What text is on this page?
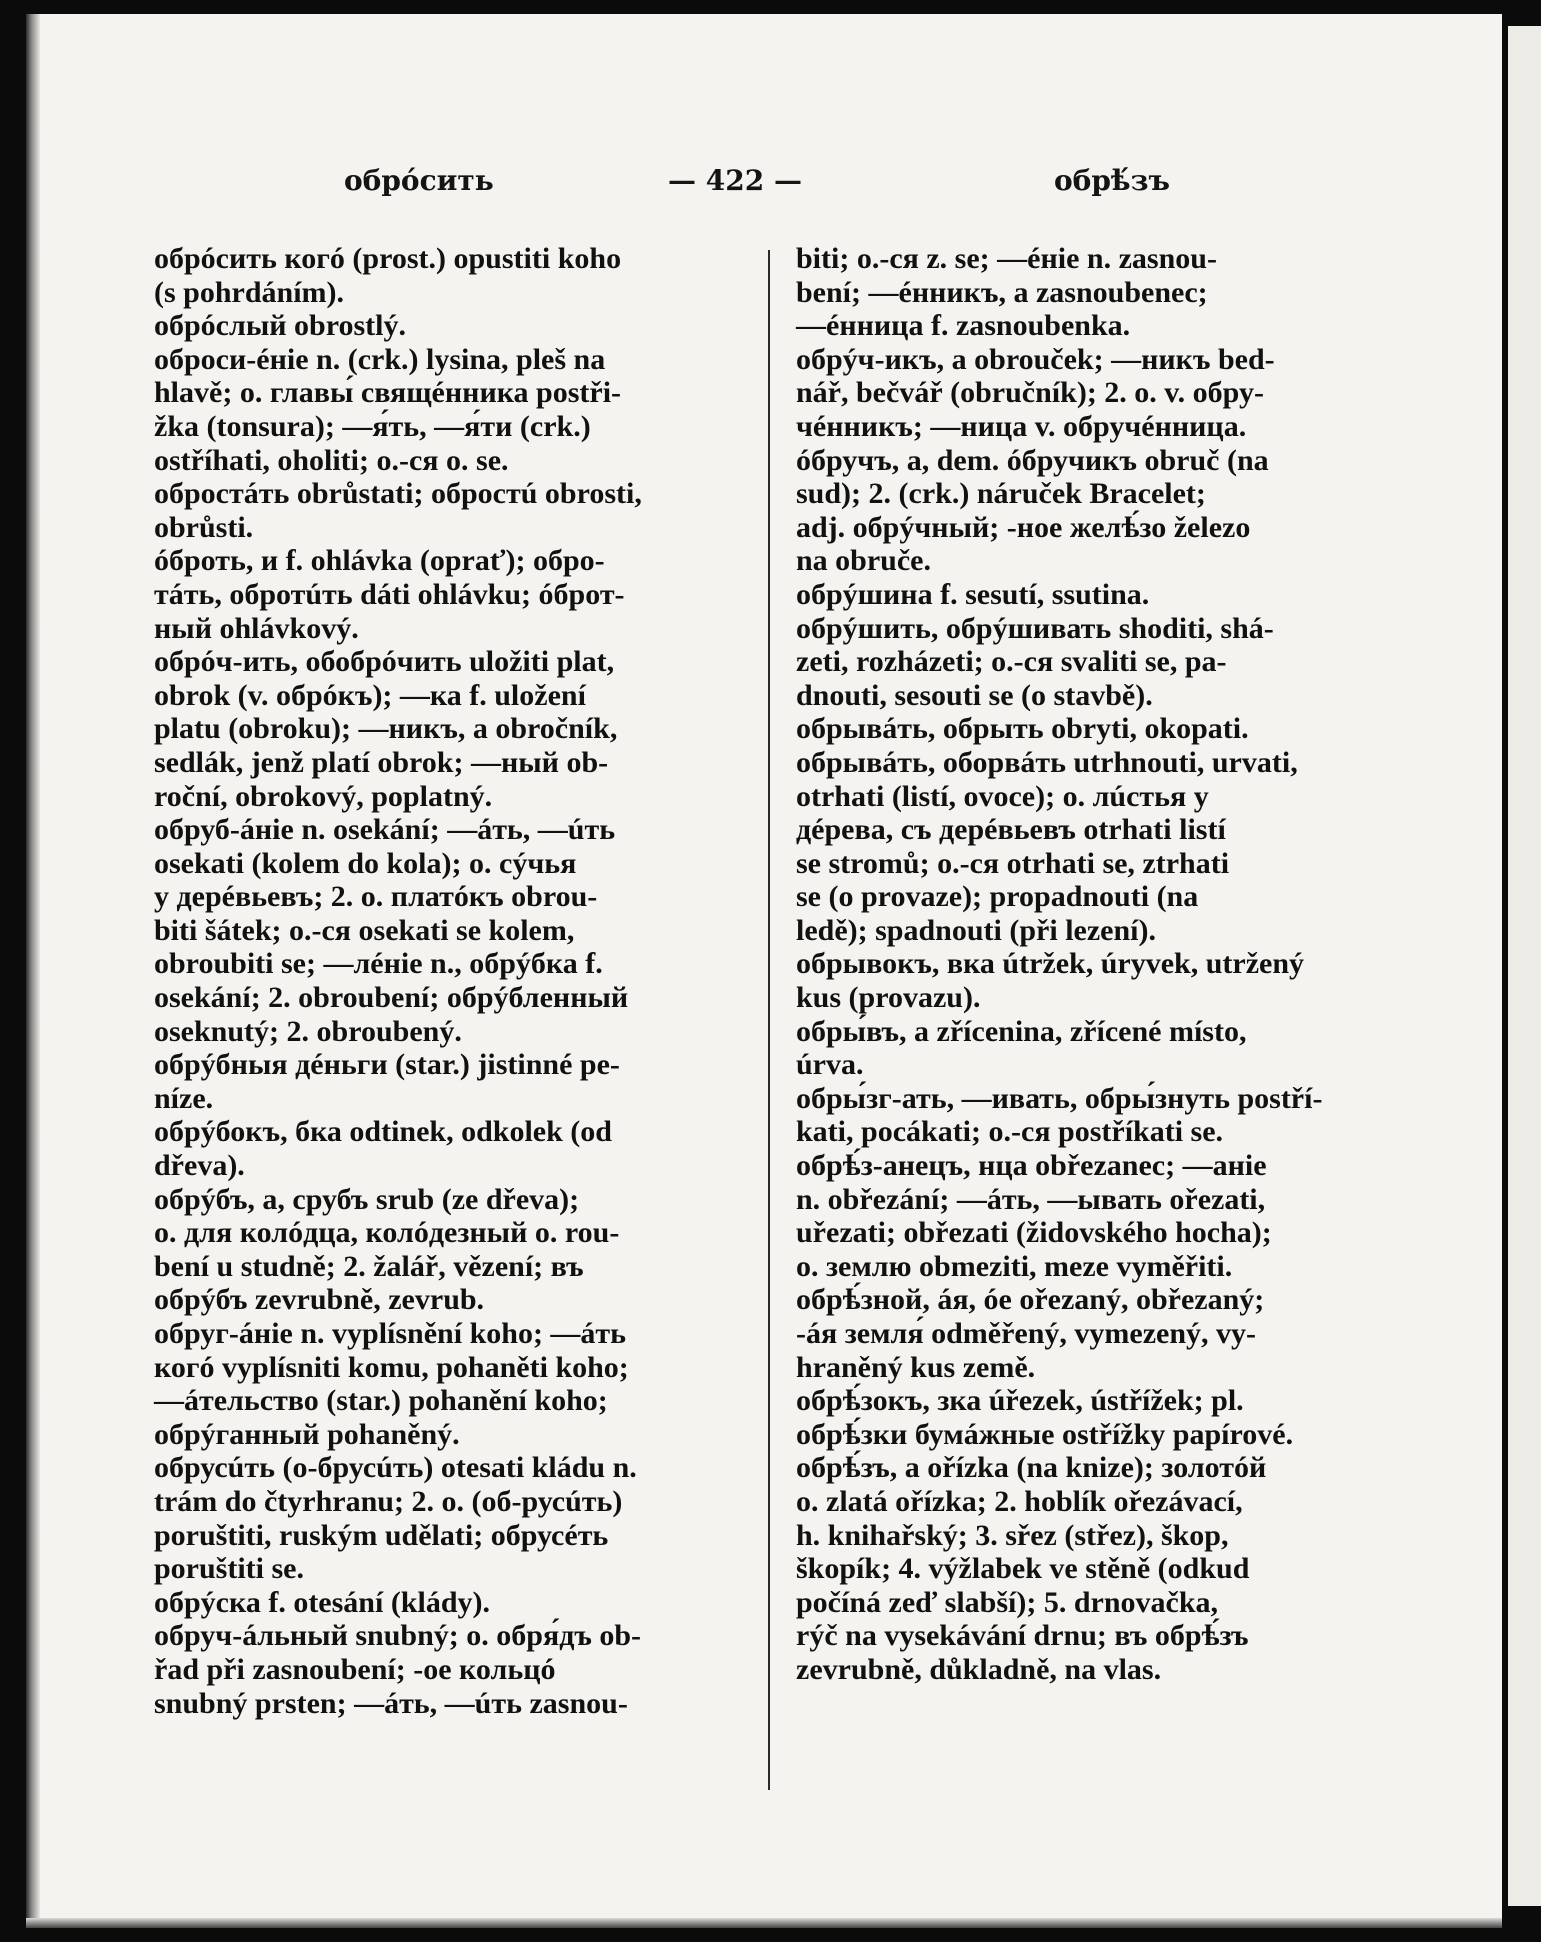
обрóсить	— 422 —	обрѣ́зъ
обрóсить когó (prost.) opustiti koho
(s pohrdáním).
обрóслый obrostlý.
оброси-éніе n. (crk.) lysina, pleš na
hlavě; o. главы́ свящéнника postři-
žka (tonsura); —я́ть, —я́ти (crk.)
ostříhati, oholiti; o.-ся o. se.
обростáть obrůstati; обростú obrosti,
obrůsti.
óброть, и f. ohlávka (oprať); обро-
тáть, обротúть dáti ohlávku; óброт-
ный ohlávkový.
обрóч-ить, обобрóчить uložiti plat,
obrok (v. обрóкъ); —ка f. uložení
platu (obroku); —никъ, a obročník,
sedlák, jenž platí obrok; —ный ob-
roční, obrokový, poplatný.
обруб-áніе n. osekání; —áть, —úть
osekati (kolem do kola); o. сýчья
у дерéвьевъ; 2. o. платóкъ obrou-
biti šátek; o.-ся osekati se kolem,
obroubiti se; —лéніе n., обрýбка f.
osekání; 2. obroubení; обрýбленный
oseknutý; 2. obroubený.
обрýбныя дéньги (star.) jistinné pe-
níze.
обрýбокъ, бка odtinek, odkolek (od
dřeva).
обрýбъ, a, срубъ srub (ze dřeva);
o. для колóдца, колóдезный o. rou-
bení u studně; 2. žalář, vězení; въ
обрýбъ zevrubně, zevrub.
обруг-áніе n. vyplísnění koho; —áть
когó vyplísniti komu, pohaněti koho;
—áтельство (star.) pohanění koho;
обрýганный pohaněný.
обрусúть (о-брусúть) otesati kládu n.
trám do čtyrhranu; 2. o. (об-русúть)
poruštiti, ruským udělati; обрусéть
poruštiti se.
обрýска f. otesání (klády).
обруч-áльный snubný; o. обря́дъ ob-
řad při zasnoubení; -ое кольцó
snubný prsten; —áть, —úть zasnou-
biti; o.-ся z. se; —éніе n. zasnou-
bení; —éнникъ, a zasnoubenec;
—éнница f. zasnoubenka.
обрýч-икъ, a obrouček; —никъ bed-
nář, bečvář (obručník); 2. o. v. обру-
чéнникъ; —ница v. обручéнница.
óбручъ, a, dem. óбручикъ obruč (na
sud); 2. (crk.) náruček Bracelet;
adj. обрýчный; -ное желѣ́зо železo
na obruče.
обрýшина f. sesutí, ssutina.
обрýшить, обрýшивать shoditi, shá-
zeti, rozházeti; o.-ся svaliti se, pa-
dnouti, sesouti se (o stavbě).
обрывáть, обрыть obryti, okopati.
обрывáть, оборвáть utrhnouti, urvati,
otrhati (listí, ovoce); o. лúстья у
дéрева, съ дерéвьевъ otrhati listí
se stromů; o.-ся otrhati se, ztrhati
se (o provaze); propadnouti (na
ledě); spadnouti (při lezení).
обрывокъ, вка útržek, úryvek, utržený
kus (provazu).
обры́въ, a zřícenina, zřícené místo,
úrva.
обры́зг-ать, —ивать, обры́знуть postří-
kati, pocákati; o.-ся postříkati se.
обрѣ́з-анецъ, нца obřezanec; —аніе
n. obřezání; —áть, —ывать ořezati,
uřezati; obřezati (židovského hocha);
o. землю obmeziti, meze vyměřiti.
обрѣ́зной, áя, óе ořezaný, obřezaný;
-áя земля́ odměřený, vymezený, vy-
hraněný kus země.
обрѣ́зокъ, зка úřezek, ústřížek; pl.
обрѣ́зки бумáжные ostřížky papírové.
обрѣ́зъ, a ořízka (na knize); золотóй
o. zlatá ořízka; 2. hoblík ořezávací,
h. knihařský; 3. sřez (střez), škop,
škopík; 4. výžlabek ve stěně (odkud
počíná zeď slabší); 5. drnovačka,
rýč na vysekávání drnu; въ обрѣ́зъ
zevrubně, důkladně, na vlas.
